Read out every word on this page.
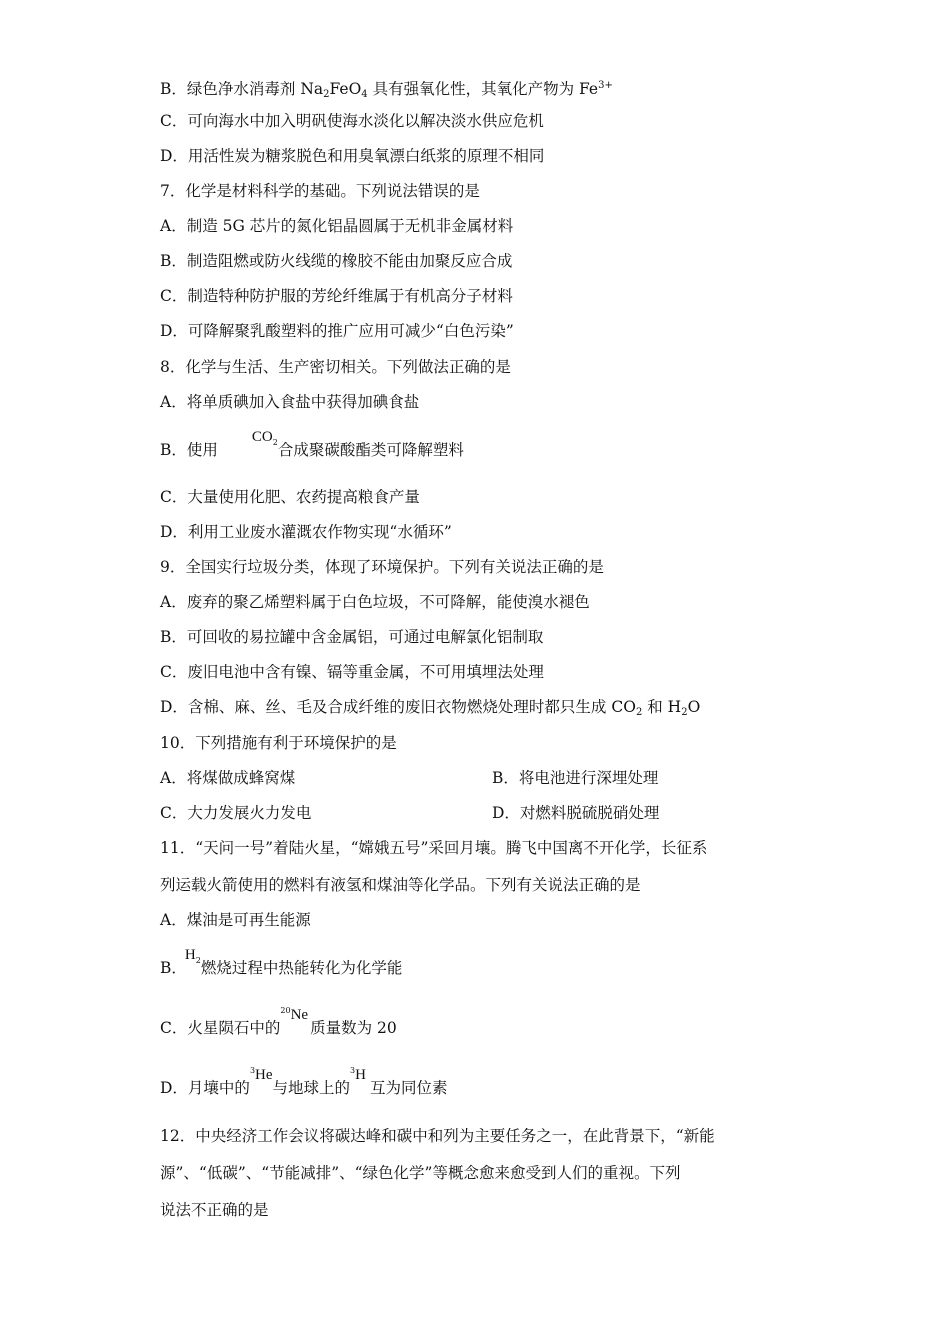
B．绿色净水消毒剂 $Na_2FeO_4$ 具有强氧化性，其氧化产物为 $Fe^{3+}$
C．可向海水中加入明矾使海水淡化以解决淡水供应危机
D．用活性炭为糖浆脱色和用臭氧漂白纸浆的原理不相同
7．化学是材料科学的基础。下列说法错误的是
A．制造 5G 芯片的氮化铝晶圆属于无机非金属材料
B．制造阻燃或防火线缆的橡胶不能由加聚反应合成
C．制造特种防护服的芳纶纤维属于有机高分子材料
D．可降解聚乳酸塑料的推广应用可减少“白色污染”
8．化学与生活、生产密切相关。下列做法正确的是
A．将单质碘加入食盐中获得加碘食盐
B．使用$CO^2$合成聚碳酸酯类可降解塑料
C．大量使用化肥、农药提高粮食产量
D．利用工业废水灌溉农作物实现“水循环”
9．全国实行垃圾分类，体现了环境保护。下列有关说法正确的是
A．废弃的聚乙烯塑料属于白色垃圾，不可降解，能使溴水褪色
B．可回收的易拉罐中含金属铝，可通过电解氯化铝制取
C．废旧电池中含有镍、镉等重金属，不可用填埋法处理
D．含棉、麻、丝、毛及合成纤维的废旧衣物燃烧处理时都只生成 $CO_2$ 和 $H_2O$
10．下列措施有利于环境保护的是
A．将煤做成蜂窝煤	B．将电池进行深埋处理
C．大力发展火力发电	D．对燃料脱硫脱硝处理
11．“天问一号”着陆火星，“嫦娥五号”采回月壤。腾飞中国离不开化学，长征系
列运载火箭使用的燃料有液氢和煤油等化学品。下列有关说法正确的是
A．煤油是可再生能源
B．$H^2$燃烧过程中热能转化为化学能
C．火星陨石中的$^{20}$Ne质量数为 20
D．月壤中的$^3$He与地球上的$^3$H互为同位素
12．中央经济工作会议将碳达峰和碳中和列为主要任务之一，在此背景下，“新能
源”、“低碳”、“节能减排”、“绿色化学”等概念愈来愈受到人们的重视。下列
说法不正确的是
